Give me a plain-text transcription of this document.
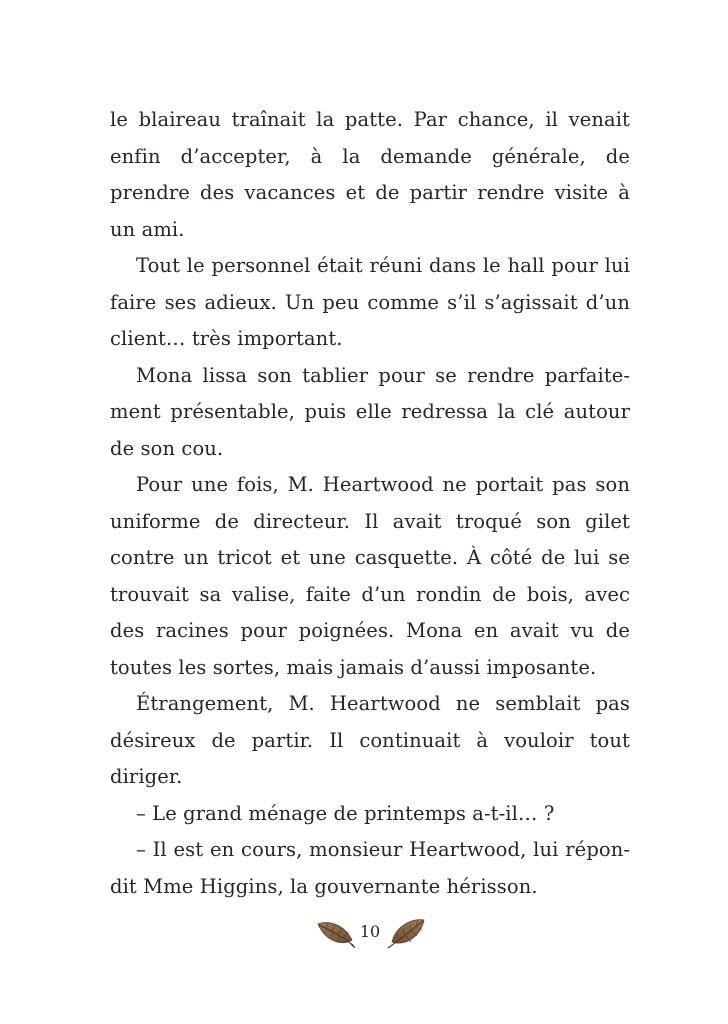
le blaireau traînait la patte. Par chance, il venait enfin d’accepter, à la demande générale, de prendre des vacances et de partir rendre visite à un ami.

Tout le personnel était réuni dans le hall pour lui faire ses adieux. Un peu comme s’il s’agissait d’un client… très important.

Mona lissa son tablier pour se rendre parfaitement présentable, puis elle redressa la clé autour de son cou.

Pour une fois, M. Heartwood ne portait pas son uniforme de directeur. Il avait troqué son gilet contre un tricot et une casquette. À côté de lui se trouvait sa valise, faite d’un rondin de bois, avec des racines pour poignées. Mona en avait vu de toutes les sortes, mais jamais d’aussi imposante.

Étrangement, M. Heartwood ne semblait pas désireux de partir. Il continuait à vouloir tout diriger.

– Le grand ménage de printemps a-t-il… ?

– Il est en cours, monsieur Heartwood, lui répondit Mme Higgins, la gouvernante hérisson.

10
